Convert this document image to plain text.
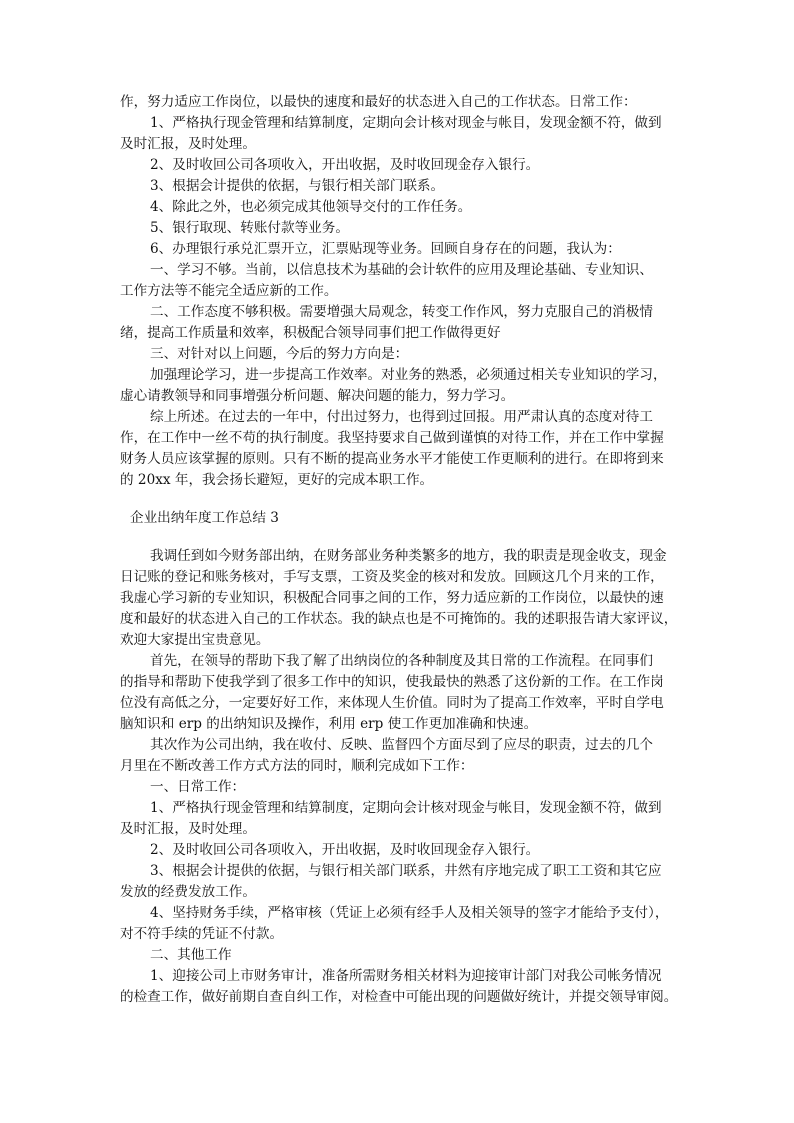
作，努力适应工作岗位，以最快的速度和最好的状态进入自己的工作状态。日常工作：
1、严格执行现金管理和结算制度，定期向会计核对现金与帐目，发现金额不符，做到
及时汇报，及时处理。
2、及时收回公司各项收入，开出收据，及时收回现金存入银行。
3、根据会计提供的依据，与银行相关部门联系。
4、除此之外，也必须完成其他领导交付的工作任务。
5、银行取现、转账付款等业务。
6、办理银行承兑汇票开立，汇票贴现等业务。回顾自身存在的问题，我认为：
一、学习不够。当前，以信息技术为基础的会计软件的应用及理论基础、专业知识、
工作方法等不能完全适应新的工作。
二、工作态度不够积极。需要增强大局观念，转变工作作风，努力克服自己的消极情
绪，提高工作质量和效率，积极配合领导同事们把工作做得更好
三、对针对以上问题，今后的努力方向是：
加强理论学习，进一步提高工作效率。对业务的熟悉，必须通过相关专业知识的学习，
虚心请教领导和同事增强分析问题、解决问题的能力，努力学习。
综上所述。在过去的一年中，付出过努力，也得到过回报。用严肃认真的态度对待工
作，在工作中一丝不苟的执行制度。我坚持要求自己做到谨慎的对待工作，并在工作中掌握
财务人员应该掌握的原则。只有不断的提高业务水平才能使工作更顺利的进行。在即将到来
的 20xx 年，我会扬长避短，更好的完成本职工作。
企业出纳年度工作总结 3
我调任到如今财务部出纳，在财务部业务种类繁多的地方，我的职责是现金收支，现金
日记账的登记和账务核对，手写支票，工资及奖金的核对和发放。回顾这几个月来的工作，
我虚心学习新的专业知识，积极配合同事之间的工作，努力适应新的工作岗位，以最快的速
度和最好的状态进入自己的工作状态。我的缺点也是不可掩饰的。我的述职报告请大家评议，
欢迎大家提出宝贵意见。
首先，在领导的帮助下我了解了出纳岗位的各种制度及其日常的工作流程。在同事们
的指导和帮助下使我学到了很多工作中的知识，使我最快的熟悉了这份新的工作。在工作岗
位没有高低之分，一定要好好工作，来体现人生价值。同时为了提高工作效率，平时自学电
脑知识和 erp 的出纳知识及操作，利用 erp 使工作更加准确和快速。
其次作为公司出纳，我在收付、反映、监督四个方面尽到了应尽的职责，过去的几个
月里在不断改善工作方式方法的同时，顺利完成如下工作：
一、日常工作：
1、严格执行现金管理和结算制度，定期向会计核对现金与帐目，发现金额不符，做到
及时汇报，及时处理。
2、及时收回公司各项收入，开出收据，及时收回现金存入银行。
3、根据会计提供的依据，与银行相关部门联系，井然有序地完成了职工工资和其它应
发放的经费发放工作。
4、坚持财务手续，严格审核（凭证上必须有经手人及相关领导的签字才能给予支付），
对不符手续的凭证不付款。
二、其他工作
1、迎接公司上市财务审计，准备所需财务相关材料为迎接审计部门对我公司帐务情况
的检查工作，做好前期自查自纠工作，对检查中可能出现的问题做好统计，并提交领导审阅。
